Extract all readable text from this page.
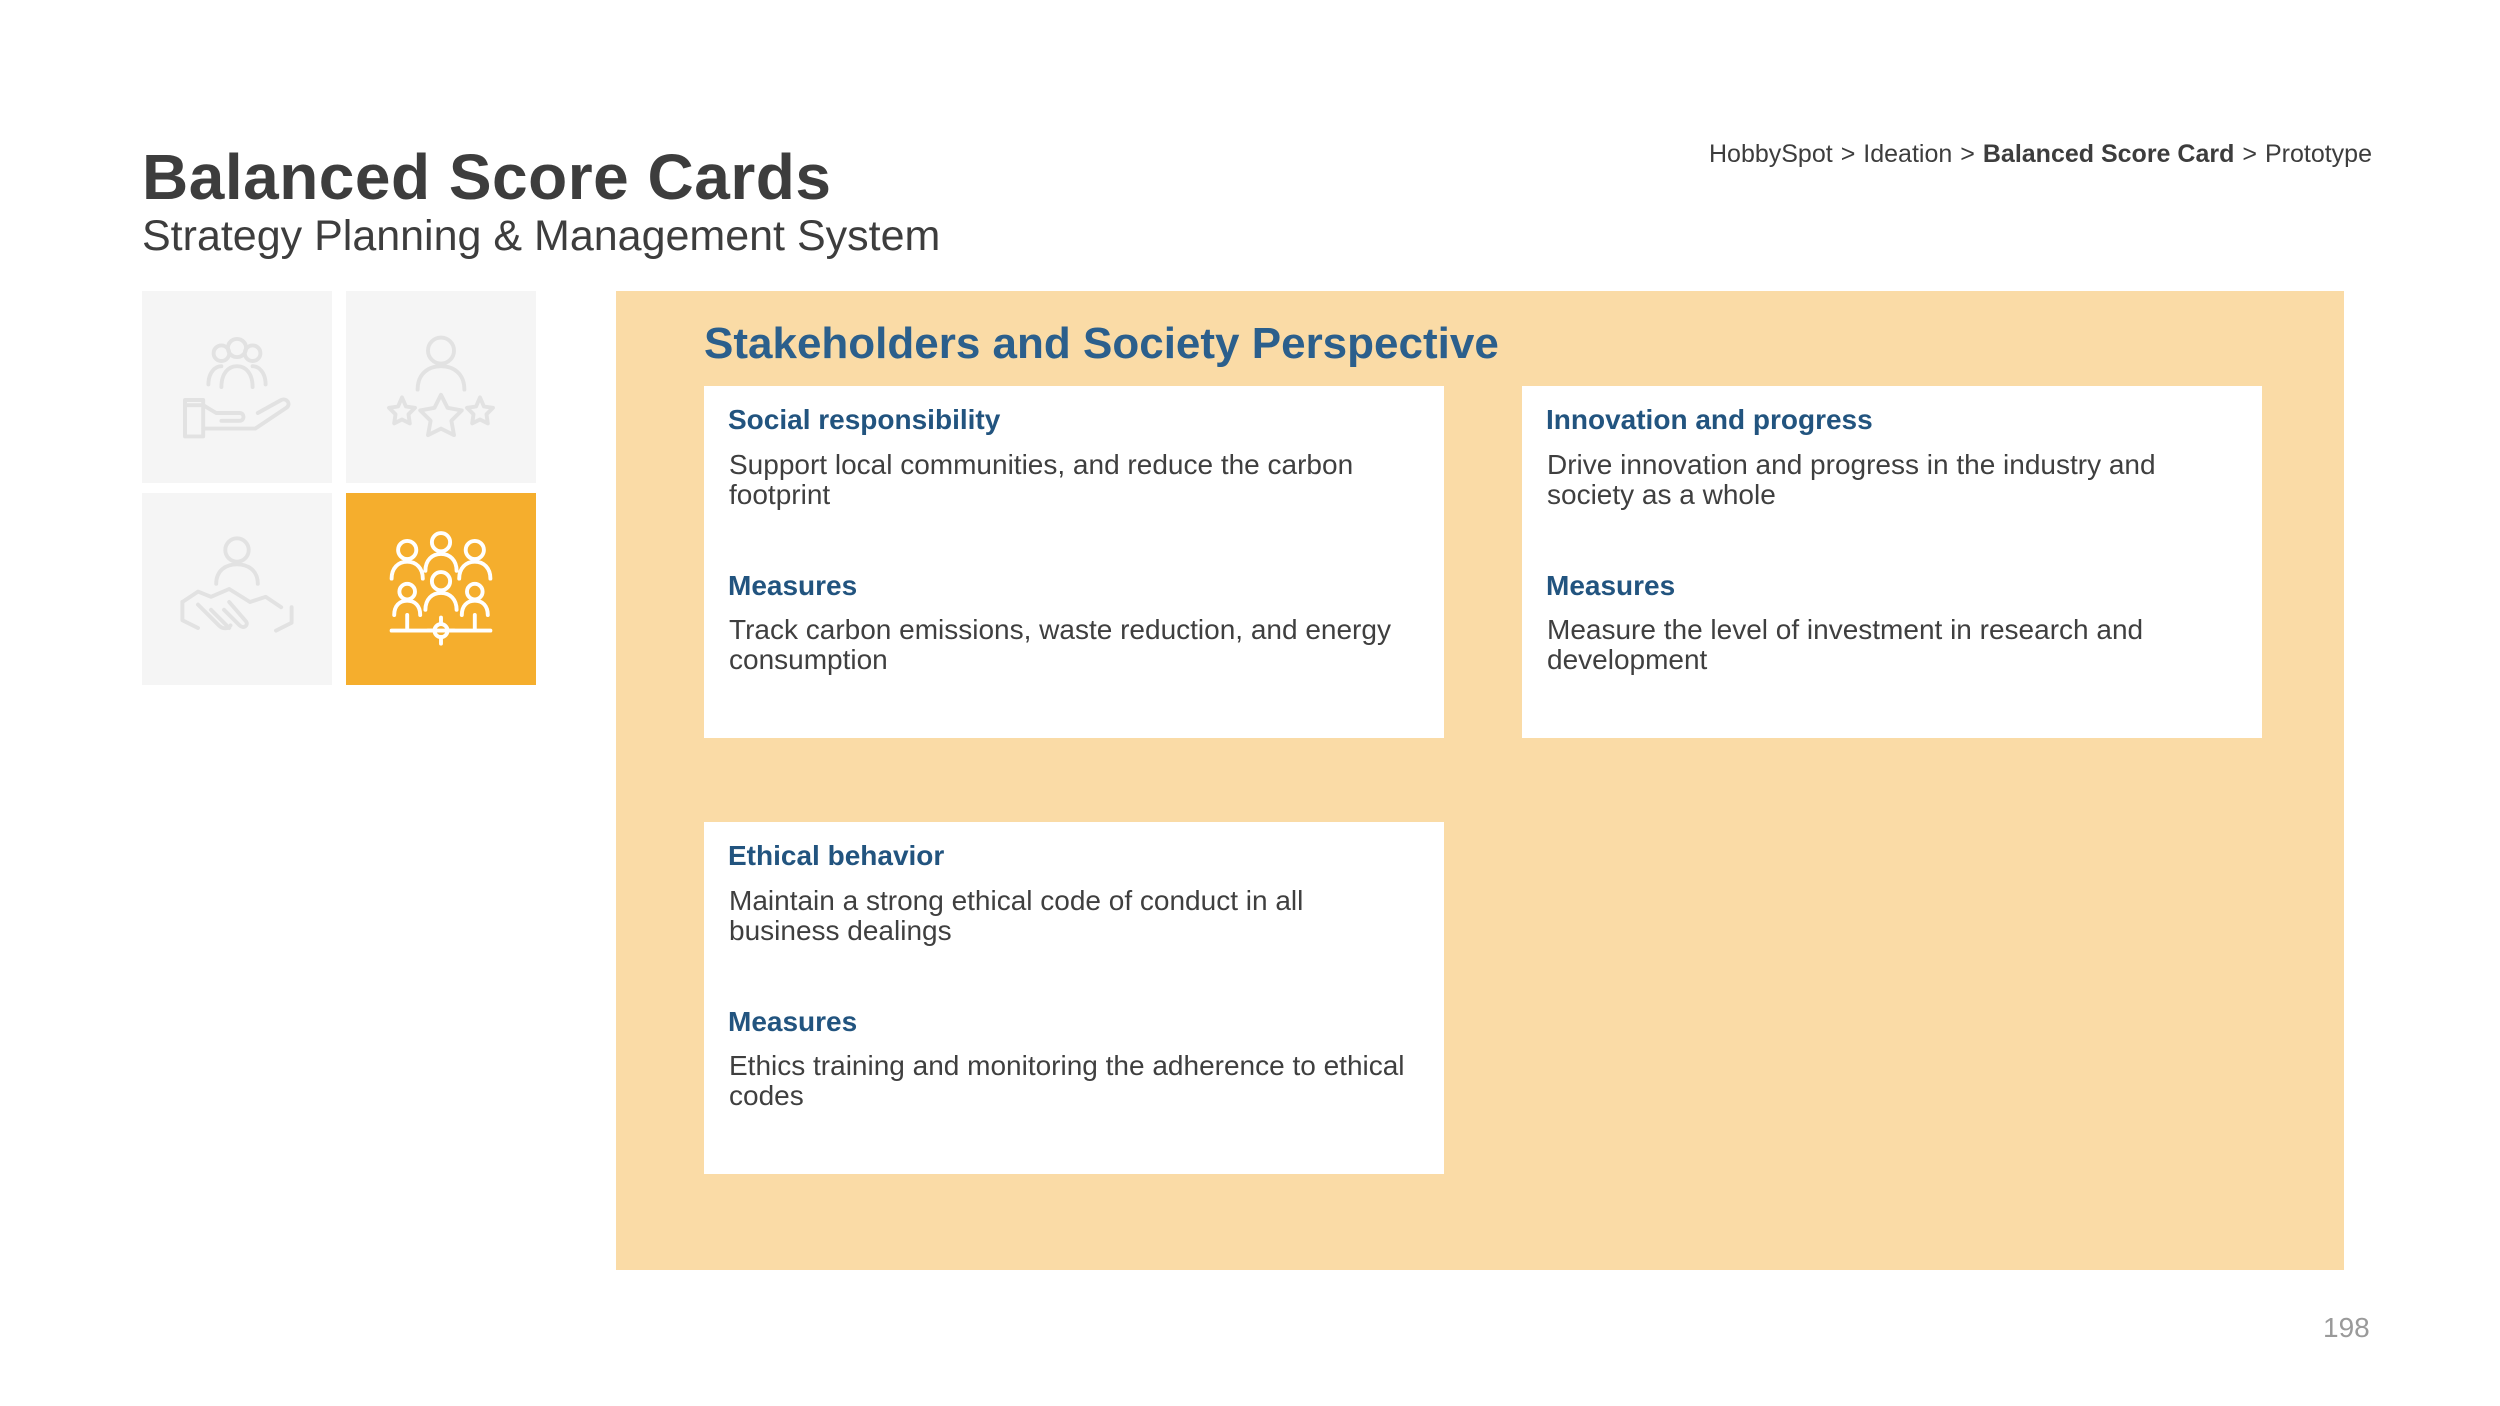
Balanced Score Cards
Strategy Planning & Management System
HobbySpot > Ideation > Balanced Score Card > Prototype
Stakeholders and Society Perspective
Social responsibility

Support local communities, and reduce the carbon footprint

Measures

Track carbon emissions, waste reduction, and energy consumption

Innovation and progress

Drive innovation and progress in the industry and society as a whole

Measures

Measure the level of investment in research and development

Ethical behavior

Maintain a strong ethical code of conduct in all business dealings

Measures

Ethics training and monitoring the adherence to ethical codes

198
